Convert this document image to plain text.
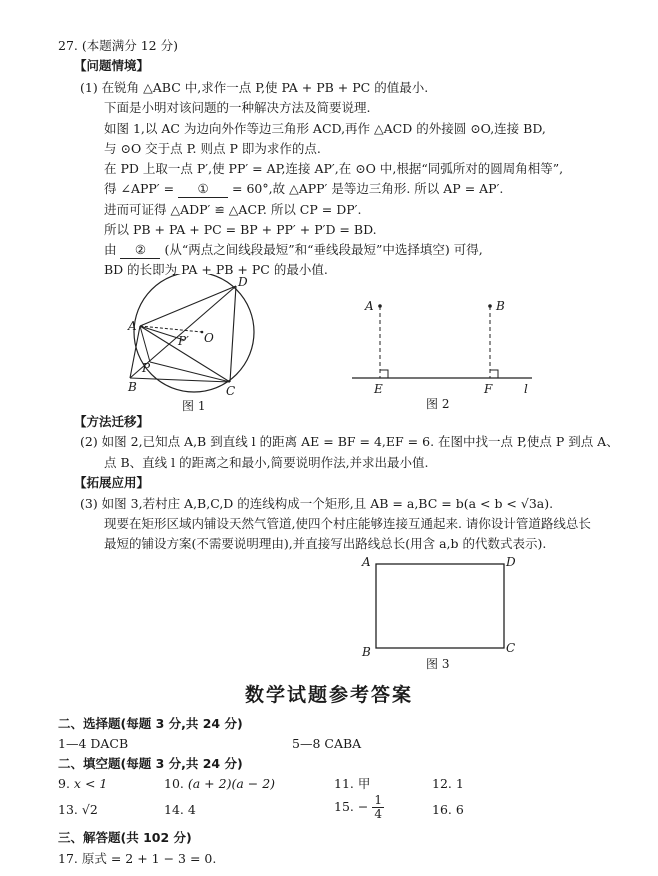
27. (本题满分 12 分)
【问题情境】
(1) 在锐角 △ABC 中,求作一点 P,使 PA + PB + PC 的值最小.
下面是小明对该问题的一种解决方法及简要说理.
如图 1,以 AC 为边向外作等边三角形 ACD,再作 △ACD 的外接圆 ⊙O,连接 BD,
与 ⊙O 交于点 P. 则点 P 即为求作的点.
在 PD 上取一点 P′,使 PP′ = AP,连接 AP′,在 ⊙O 中,根据“同弧所对的圆周角相等”,
得 ∠APP′ = ① = 60°,故 △APP′ 是等边三角形. 所以 AP = AP′.
进而可证得 △ADP′ ≌ △ACP. 所以 CP = DP′.
所以 PB + PA + PC = BP + PP′ + P′D = BD.
由 ② (从“两点之间线段最短”和“垂线段最短”中选择填空) 可得,
BD 的长即为 PA + PB + PC 的最小值.
D
A
O
P′
P
B	C
图 1
A	B
E	F	l
图 2
【方法迁移】
(2) 如图 2,已知点 A,B 到直线 l 的距离 AE = BF = 4,EF = 6. 在图中找一点 P,使点 P 到点 A、
点 B、直线 l 的距离之和最小,简要说明作法,并求出最小值.
【拓展应用】
(3) 如图 3,若村庄 A,B,C,D 的连线构成一个矩形,且 AB = a,BC = b(a < b < √3a).
现要在矩形区域内铺设天然气管道,使四个村庄能够连接互通起来. 请你设计管道路线总长
最短的铺设方案(不需要说明理由),并直接写出路线总长(用含 a,b 的代数式表示).
A	D
B	C
图 3
数学试题参考答案
二、选择题(每题 3 分,共 24 分)
1—4 DACB	5—8 CABA
二、填空题(每题 3 分,共 24 分)
9. x < 1	10. (a + 2)(a − 2)	11. 甲	12. 1
13. √2	14. 4	15. − $\frac{1}{4}$	16. 6
三、解答题(共 102 分)
17. 原式 = 2 + 1 − 3 = 0.
